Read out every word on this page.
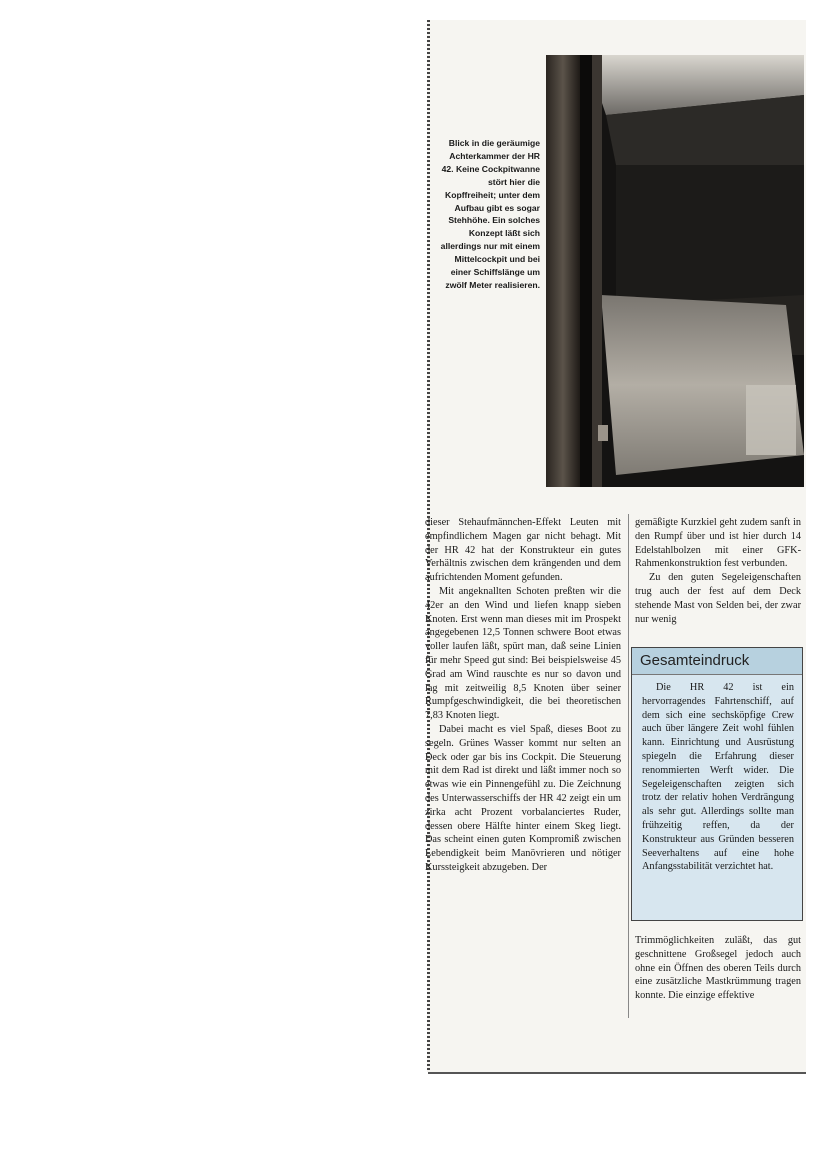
Blick in die geräumige Achterkammer der HR 42. Keine Cockpitwanne stört hier die Kopffreiheit; unter dem Aufbau gibt es sogar Stehhöhe. Ein solches Konzept läßt sich allerdings nur mit einem Mittelcockpit und bei einer Schiffslänge um zwölf Meter realisieren.

dieser Stehaufmännchen-Effekt Leuten mit empfindlichem Magen gar nicht behagt. Mit der HR 42 hat der Konstrukteur ein gutes Verhältnis zwischen dem krängenden und dem aufrichtenden Moment gefunden.

Mit angeknallten Schoten preßten wir die 42er an den Wind und liefen knapp sieben Knoten. Erst wenn man dieses mit im Prospekt angegebenen 12,5 Tonnen schwere Boot etwas voller laufen läßt, spürt man, daß seine Linien für mehr Speed gut sind: Bei beispielsweise 45 Grad am Wind rauschte es nur so davon und lag mit zeitweilig 8,5 Knoten über seiner Rumpfgeschwindigkeit, die bei theoretischen 7,83 Knoten liegt.

Dabei macht es viel Spaß, dieses Boot zu segeln. Grünes Wasser kommt nur selten an Deck oder gar bis ins Cockpit. Die Steuerung mit dem Rad ist direkt und läßt immer noch so etwas wie ein Pinnengefühl zu. Die Zeichnung des Unterwasserschiffs der HR 42 zeigt ein um zirka acht Prozent vorbalanciertes Ruder, dessen obere Hälfte hinter einem Skeg liegt. Das scheint einen guten Kompromiß zwischen Lebendigkeit beim Manövrieren und nötiger Kurssteigkeit abzugeben. Der

gemäßigte Kurzkiel geht zudem sanft in den Rumpf über und ist hier durch 14 Edelstahlbolzen mit einer GFK-Rahmenkonstruktion fest verbunden.

Zu den guten Segeleigenschaften trug auch der fest auf dem Deck stehende Mast von Selden bei, der zwar nur wenig

Gesamteindruck

Die HR 42 ist ein hervorragendes Fahrtenschiff, auf dem sich eine sechsköpfige Crew auch über längere Zeit wohl fühlen kann. Einrichtung und Ausrüstung spiegeln die Erfahrung dieser renommierten Werft wider. Die Segeleigenschaften zeigten sich trotz der relativ hohen Verdrängung als sehr gut. Allerdings sollte man frühzeitig reffen, da der Konstrukteur aus Gründen besseren Seeverhaltens auf eine hohe Anfangsstabilität verzichtet hat.

Trimmöglichkeiten zuläßt, das gut geschnittene Großsegel jedoch auch ohne ein Öffnen des oberen Teils durch eine zusätzliche Mastkrümmung tragen konnte. Die einzige effektive
